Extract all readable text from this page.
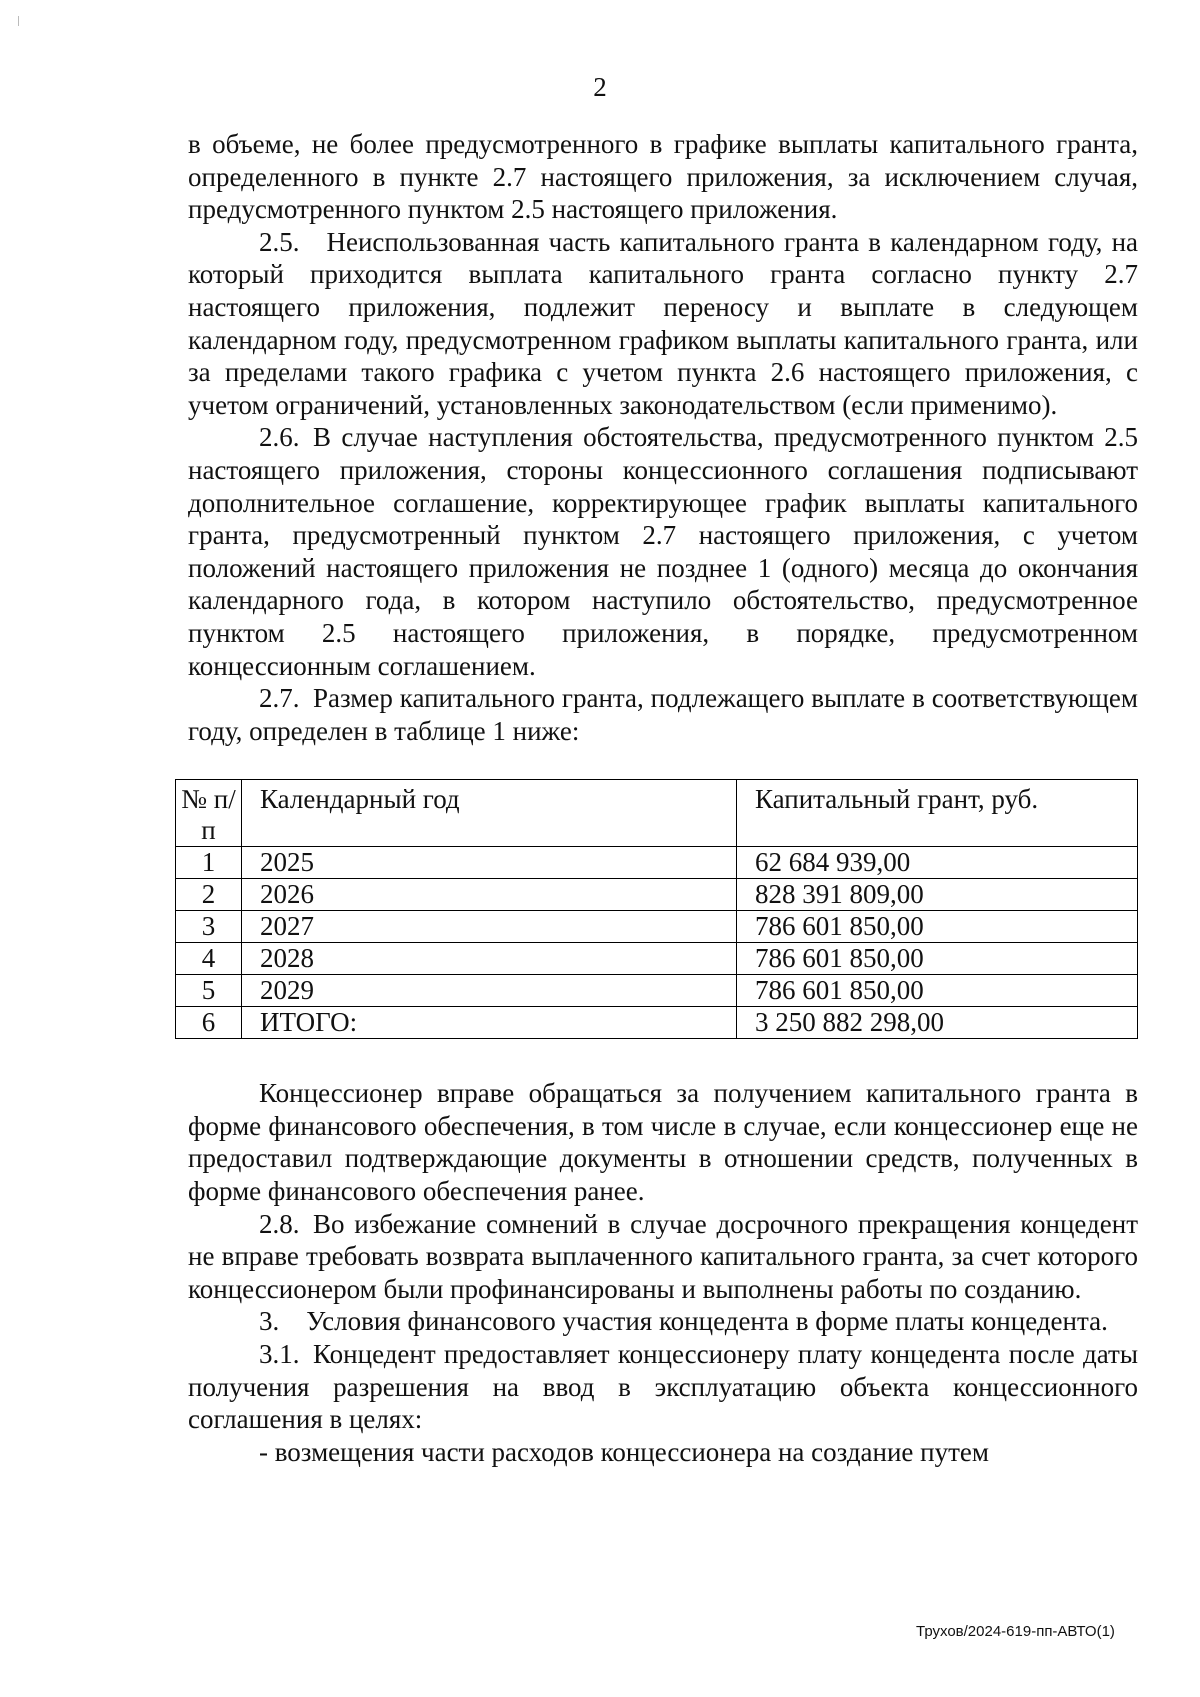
2

в объеме, не более предусмотренного в графике выплаты капитального гранта, определенного в пункте 2.7 настоящего приложения, за исключением случая, предусмотренного пунктом 2.5 настоящего приложения.

2.5. Неиспользованная часть капитального гранта в календарном году, на который приходится выплата капитального гранта согласно пункту 2.7 настоящего приложения, подлежит переносу и выплате в следующем календарном году, предусмотренном графиком выплаты капитального гранта, или за пределами такого графика с учетом пункта 2.6 настоящего приложения, с учетом ограничений, установленных законодательством (если применимо).

2.6. В случае наступления обстоятельства, предусмотренного пунктом 2.5 настоящего приложения, стороны концессионного соглашения подписывают дополнительное соглашение, корректирующее график выплаты капитального гранта, предусмотренный пунктом 2.7 настоящего приложения, с учетом положений настоящего приложения не позднее 1 (одного) месяца до окончания календарного года, в котором наступило обстоятельство, предусмотренное пунктом 2.5 настоящего приложения, в порядке, предусмотренном концессионным соглашением.

2.7. Размер капитального гранта, подлежащего выплате в соответствующем году, определен в таблице 1 ниже:

№ п/п	Календарный год	Капитальный грант, руб.
1	2025	62 684 939,00
2	2026	828 391 809,00
3	2027	786 601 850,00
4	2028	786 601 850,00
5	2029	786 601 850,00
6	ИТОГО:	3 250 882 298,00

Концессионер вправе обращаться за получением капитального гранта в форме финансового обеспечения, в том числе в случае, если концессионер еще не предоставил подтверждающие документы в отношении средств, полученных в форме финансового обеспечения ранее.

2.8. Во избежание сомнений в случае досрочного прекращения концедент не вправе требовать возврата выплаченного капитального гранта, за счет которого концессионером были профинансированы и выполнены работы по созданию.

3. Условия финансового участия концедента в форме платы концедента.

3.1. Концедент предоставляет концессионеру плату концедента после даты получения разрешения на ввод в эксплуатацию объекта концессионного соглашения в целях:

- возмещения части расходов концессионера на создание путем

Трухов/2024-619-пп-АВТО(1)
